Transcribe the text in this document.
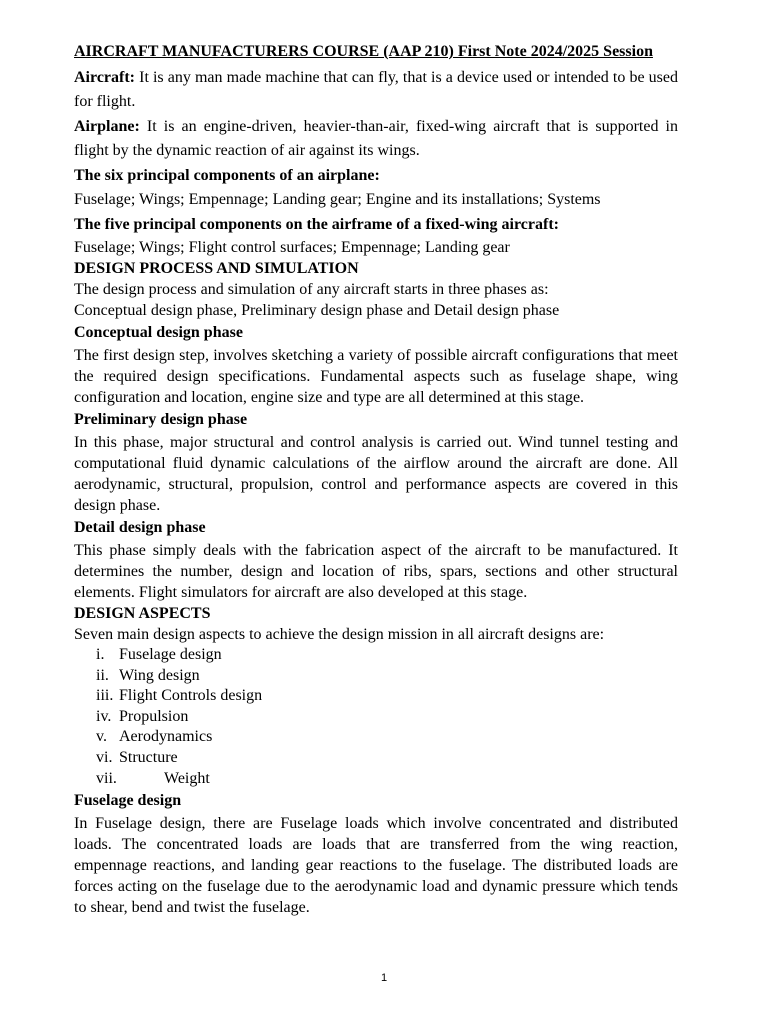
AIRCRAFT MANUFACTURERS COURSE (AAP 210) First Note 2024/2025 Session

Aircraft: It is any man made machine that can fly, that is a device used or intended to be used for flight.

Airplane: It is an engine-driven, heavier-than-air, fixed-wing aircraft that is supported in flight by the dynamic reaction of air against its wings.

The six principal components of an airplane:

Fuselage; Wings; Empennage; Landing gear; Engine and its installations; Systems

The five principal components on the airframe of a fixed-wing aircraft:

Fuselage; Wings; Flight control surfaces; Empennage; Landing gear

DESIGN PROCESS AND SIMULATION

The design process and simulation of any aircraft starts in three phases as:

Conceptual design phase, Preliminary design phase and Detail design phase

Conceptual design phase

The first design step, involves sketching a variety of possible aircraft configurations that meet the required design specifications. Fundamental aspects such as fuselage shape, wing configuration and location, engine size and type are all determined at this stage.

Preliminary design phase

In this phase, major structural and control analysis is carried out. Wind tunnel testing and computational fluid dynamic calculations of the airflow around the aircraft are done. All aerodynamic, structural, propulsion, control and performance aspects are covered in this design phase.

Detail design phase

This phase simply deals with the fabrication aspect of the aircraft to be manufactured. It determines the number, design and location of ribs, spars, sections and other structural elements. Flight simulators for aircraft are also developed at this stage.

DESIGN ASPECTS

Seven main design aspects to achieve the design mission in all aircraft designs are:

i. Fuselage design
ii. Wing design
iii. Flight Controls design
iv. Propulsion
v. Aerodynamics
vi. Structure
vii.	Weight
Fuselage design

In Fuselage design, there are Fuselage loads which involve concentrated and distributed loads. The concentrated loads are loads that are transferred from the wing reaction, empennage reactions, and landing gear reactions to the fuselage. The distributed loads are forces acting on the fuselage due to the aerodynamic load and dynamic pressure which tends to shear, bend and twist the fuselage.

1
